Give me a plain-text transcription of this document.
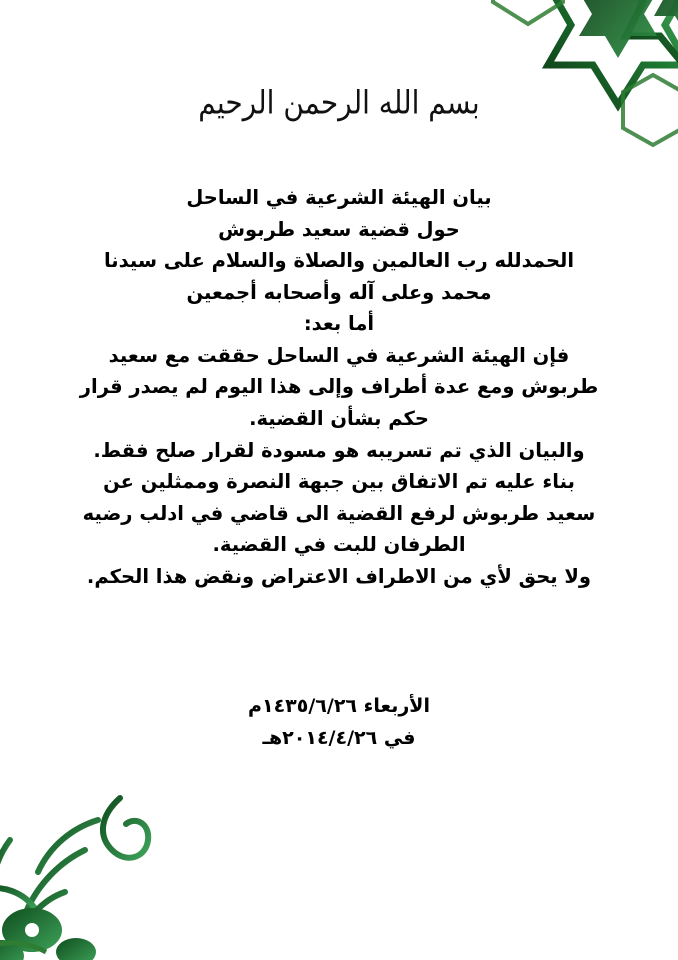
بسم الله الرحمن الرحيم

بيان الهيئة الشرعية في الساحل

حول قضية سعيد طربوش

الحمدلله رب العالمين والصلاة والسلام على سيدنا

محمد وعلى آله وأصحابه أجمعين

أما بعد:

فإن الهيئة الشرعية في الساحل حققت مع سعيد

طربوش ومع عدة أطراف وإلى هذا اليوم لم يصدر قرار

حكم بشأن القضية.

والبيان الذي تم تسريبه هو مسودة لقرار صلح فقط.

بناء عليه تم الاتفاق بين جبهة النصرة وممثلين عن

سعيد طربوش لرفع القضية الى قاضي في ادلب رضيه

الطرفان للبت في القضية.

ولا يحق لأي من الاطراف الاعتراض ونقض هذا الحكم.

الأربعاء ١٤٣٥/٦/٢٦م

في ٢٠١٤/٤/٢٦هـ
